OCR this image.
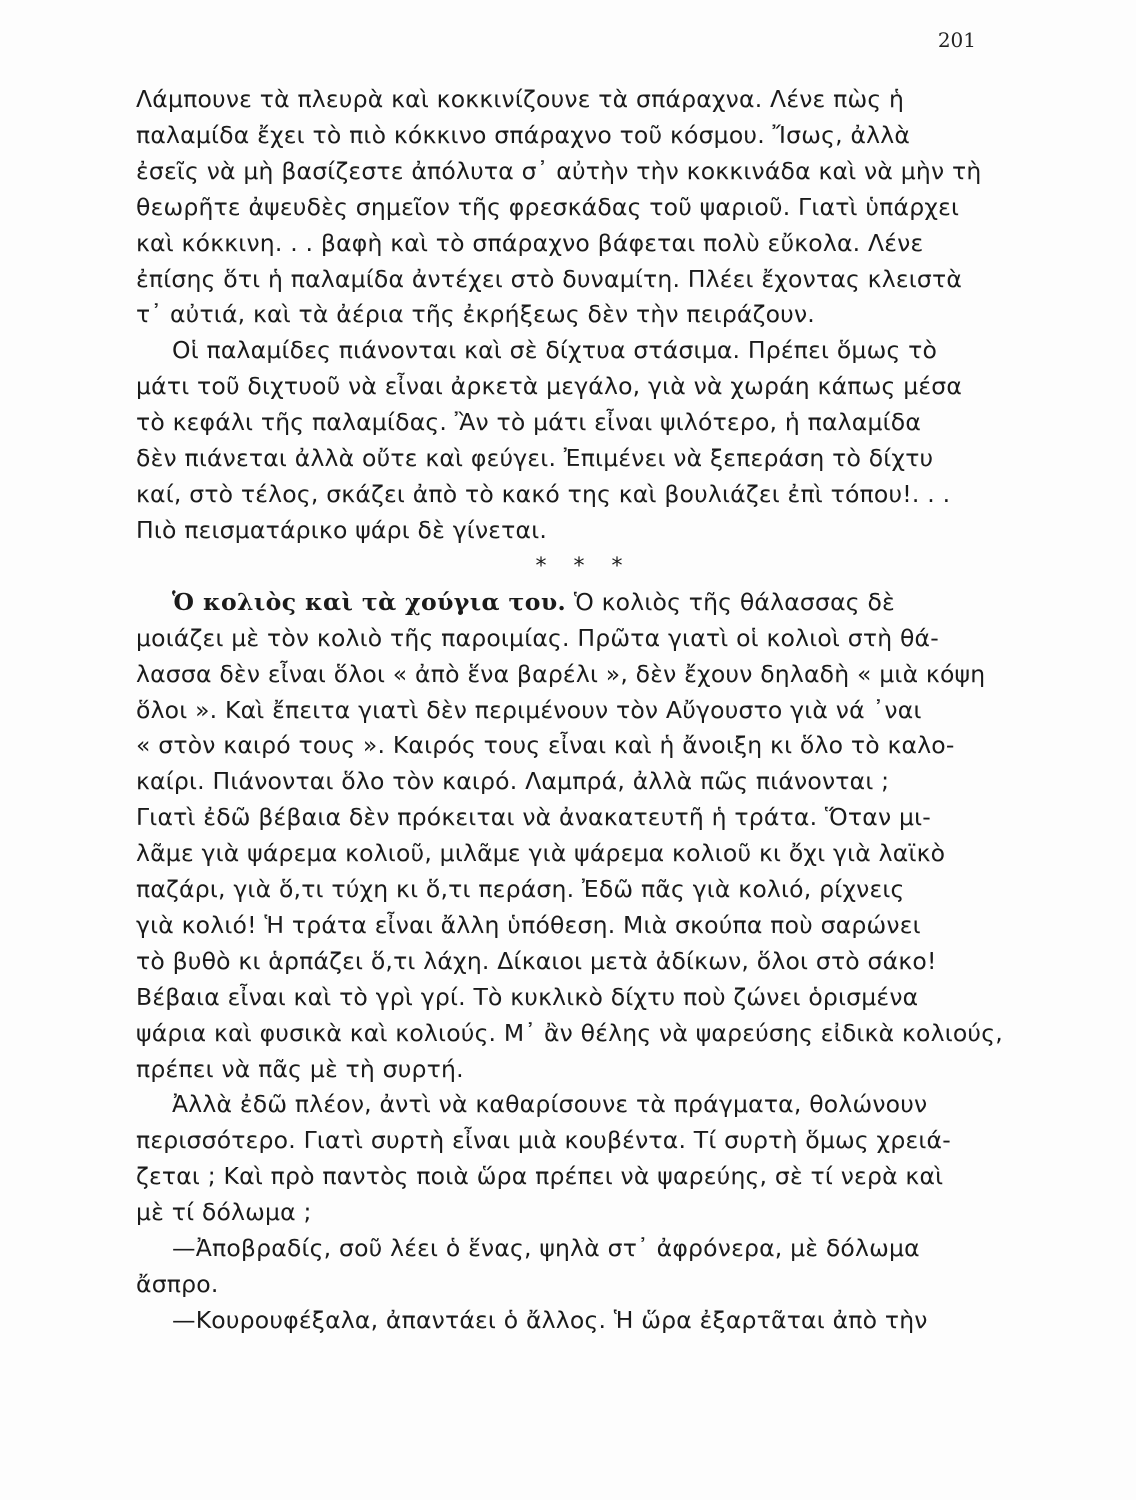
201
Λάμπουνε τὰ πλευρὰ καὶ κοκκινίζουνε τὰ σπάραχνα. Λένε πὼς ἡ
παλαμίδα ἔχει τὸ πιὸ κόκκινο σπάραχνο τοῦ κόσμου. Ἴσως, ἀλλὰ
ἐσεῖς νὰ μὴ βασίζεστε ἀπόλυτα σ᾽ αὐτὴν τὴν κοκκινάδα καὶ νὰ μὴν τὴ
θεωρῆτε ἀψευδὲς σημεῖον τῆς φρεσκάδας τοῦ ψαριοῦ. Γιατὶ ὑπάρχει
καὶ κόκκινη. . . βαφὴ καὶ τὸ σπάραχνο βάφεται πολὺ εὔκολα. Λένε
ἐπίσης ὅτι ἡ παλαμίδα ἀντέχει στὸ δυναμίτη. Πλέει ἔχοντας κλειστὰ
τ᾽ αὐτιά, καὶ τὰ ἀέρια τῆς ἐκρήξεως δὲν τὴν πειράζουν.
Οἱ παλαμίδες πιάνονται καὶ σὲ δίχτυα στάσιμα. Πρέπει ὅμως τὸ
μάτι τοῦ διχτυοῦ νὰ εἶναι ἀρκετὰ μεγάλο, γιὰ νὰ χωράη κάπως μέσα
τὸ κεφάλι τῆς παλαμίδας. Ἂν τὸ μάτι εἶναι ψιλότερο, ἡ παλαμίδα
δὲν πιάνεται ἀλλὰ οὔτε καὶ φεύγει. Ἐπιμένει νὰ ξεπεράση τὸ δίχτυ
καί, στὸ τέλος, σκάζει ἀπὸ τὸ κακό της καὶ βουλιάζει ἐπὶ τόπου!. . .
Πιὸ πεισματάρικο ψάρι δὲ γίνεται.
* * *
Ὁ κολιὸς καὶ τὰ χούγια του. Ὁ κολιὸς τῆς θάλασσας δὲ
μοιάζει μὲ τὸν κολιὸ τῆς παροιμίας. Πρῶτα γιατὶ οἱ κολιοὶ στὴ θά-
λασσα δὲν εἶναι ὅλοι « ἀπὸ ἕνα βαρέλι », δὲν ἔχουν δηλαδὴ « μιὰ κόψη
ὅλοι ». Καὶ ἔπειτα γιατὶ δὲν περιμένουν τὸν Αὔγουστο γιὰ νά ᾽ναι
« στὸν καιρό τους ». Καιρός τους εἶναι καὶ ἡ ἄνοιξη κι ὅλο τὸ καλο-
καίρι. Πιάνονται ὅλο τὸν καιρό. Λαμπρά, ἀλλὰ πῶς πιάνονται ;
Γιατὶ ἐδῶ βέβαια δὲν πρόκειται νὰ ἀνακατευτῆ ἡ τράτα. Ὅταν μι-
λᾶμε γιὰ ψάρεμα κολιοῦ, μιλᾶμε γιὰ ψάρεμα κολιοῦ κι ὄχι γιὰ λαϊκὸ
παζάρι, γιὰ ὅ,τι τύχη κι ὅ,τι περάση. Ἐδῶ πᾶς γιὰ κολιό, ρίχνεις
γιὰ κολιό! Ἡ τράτα εἶναι ἄλλη ὑπόθεση. Μιὰ σκούπα ποὺ σαρώνει
τὸ βυθὸ κι ἁρπάζει ὅ,τι λάχη. Δίκαιοι μετὰ ἀδίκων, ὅλοι στὸ σάκο!
Βέβαια εἶναι καὶ τὸ γρὶ γρί. Τὸ κυκλικὸ δίχτυ ποὺ ζώνει ὁρισμένα
ψάρια καὶ φυσικὰ καὶ κολιούς. Μ᾽ ἂν θέλης νὰ ψαρεύσης εἰδικὰ κολιούς,
πρέπει νὰ πᾶς μὲ τὴ συρτή.
Ἀλλὰ ἐδῶ πλέον, ἀντὶ νὰ καθαρίσουνε τὰ πράγματα, θολώνουν
περισσότερο. Γιατὶ συρτὴ εἶναι μιὰ κουβέντα. Τί συρτὴ ὅμως χρειά-
ζεται ; Καὶ πρὸ παντὸς ποιὰ ὥρα πρέπει νὰ ψαρεύης, σὲ τί νερὰ καὶ
μὲ τί δόλωμα ;
—Ἀποβραδίς, σοῦ λέει ὁ ἕνας, ψηλὰ στ᾽ ἀφρόνερα, μὲ δόλωμα
ἄσπρο.
—Κουρουφέξαλα, ἀπαντάει ὁ ἄλλος. Ἡ ὥρα ἐξαρτᾶται ἀπὸ τὴν
